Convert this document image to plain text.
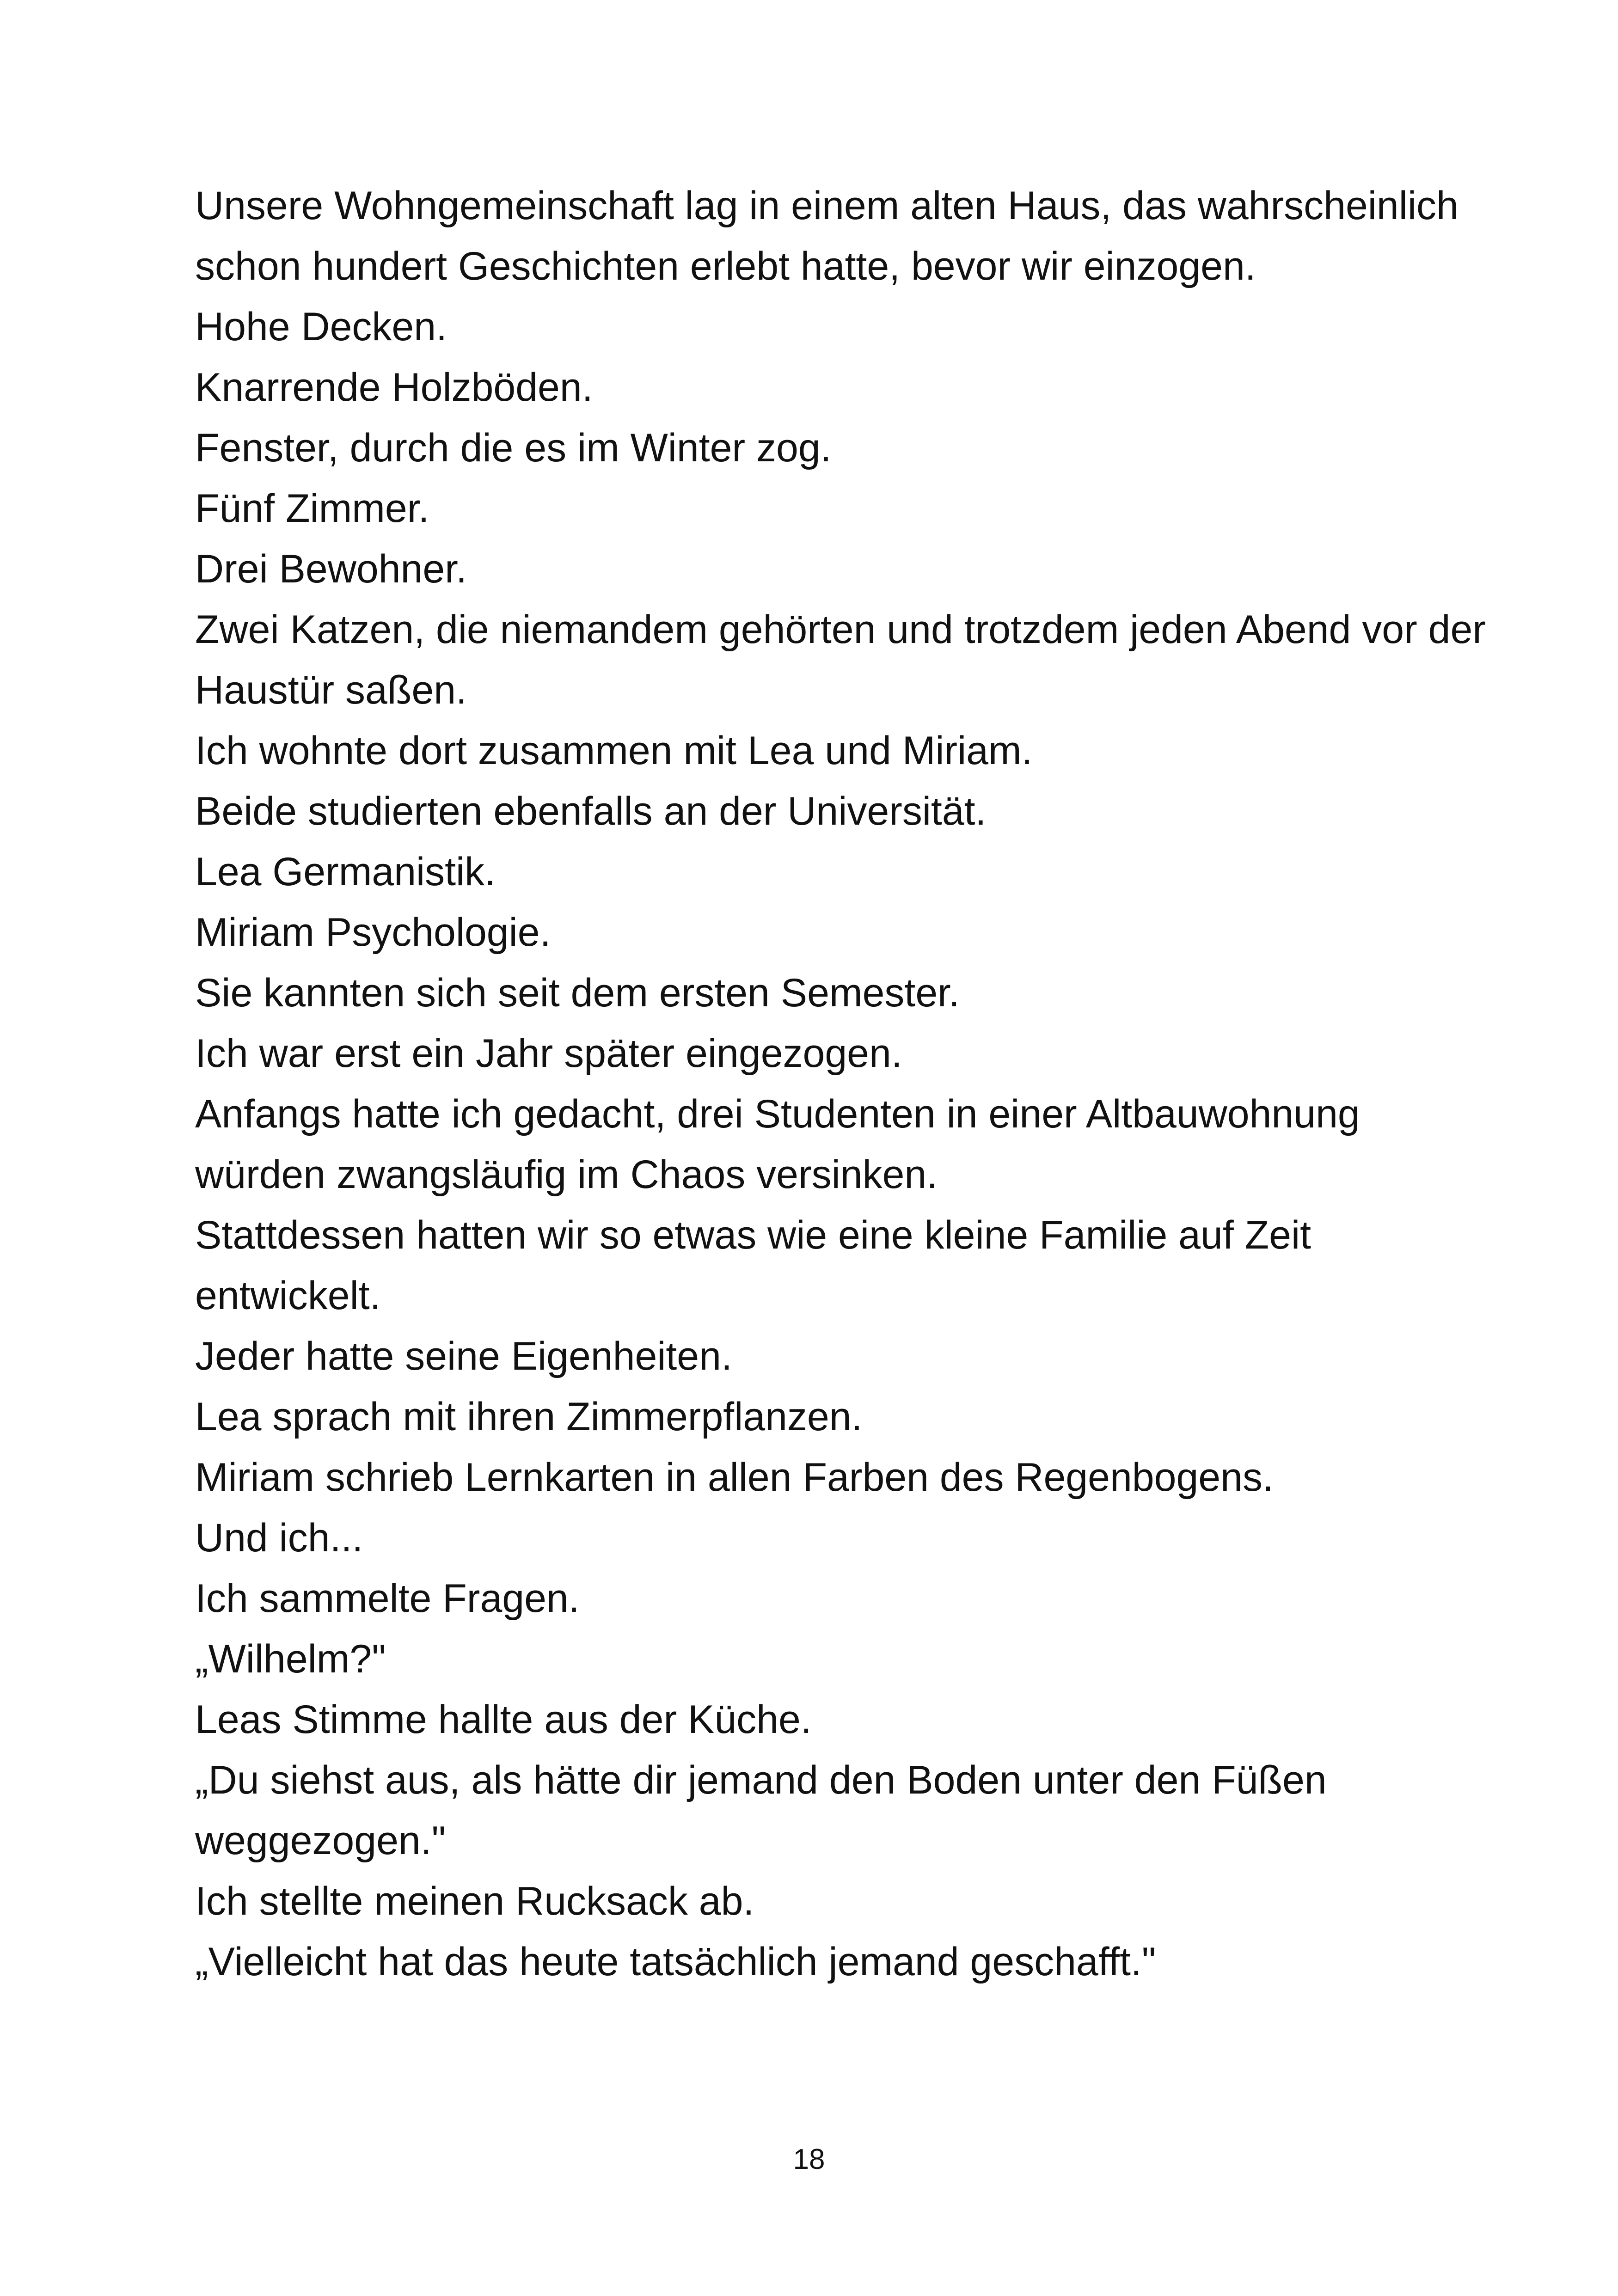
Unsere Wohngemeinschaft lag in einem alten Haus, das wahrscheinlich schon hundert Geschichten erlebt hatte, bevor wir einzogen.

Hohe Decken.

Knarrende Holzböden.

Fenster, durch die es im Winter zog.

Fünf Zimmer.

Drei Bewohner.

Zwei Katzen, die niemandem gehörten und trotzdem jeden Abend vor der Haustür saßen.

Ich wohnte dort zusammen mit Lea und Miriam.

Beide studierten ebenfalls an der Universität.

Lea Germanistik.

Miriam Psychologie.

Sie kannten sich seit dem ersten Semester.

Ich war erst ein Jahr später eingezogen.

Anfangs hatte ich gedacht, drei Studenten in einer Altbauwohnung würden zwangsläufig im Chaos versinken.

Stattdessen hatten wir so etwas wie eine kleine Familie auf Zeit entwickelt.

Jeder hatte seine Eigenheiten.

Lea sprach mit ihren Zimmerpflanzen.

Miriam schrieb Lernkarten in allen Farben des Regenbogens.

Und ich...

Ich sammelte Fragen.

„Wilhelm?"

Leas Stimme hallte aus der Küche.

„Du siehst aus, als hätte dir jemand den Boden unter den Füßen weggezogen."

Ich stellte meinen Rucksack ab.

„Vielleicht hat das heute tatsächlich jemand geschafft."

18
